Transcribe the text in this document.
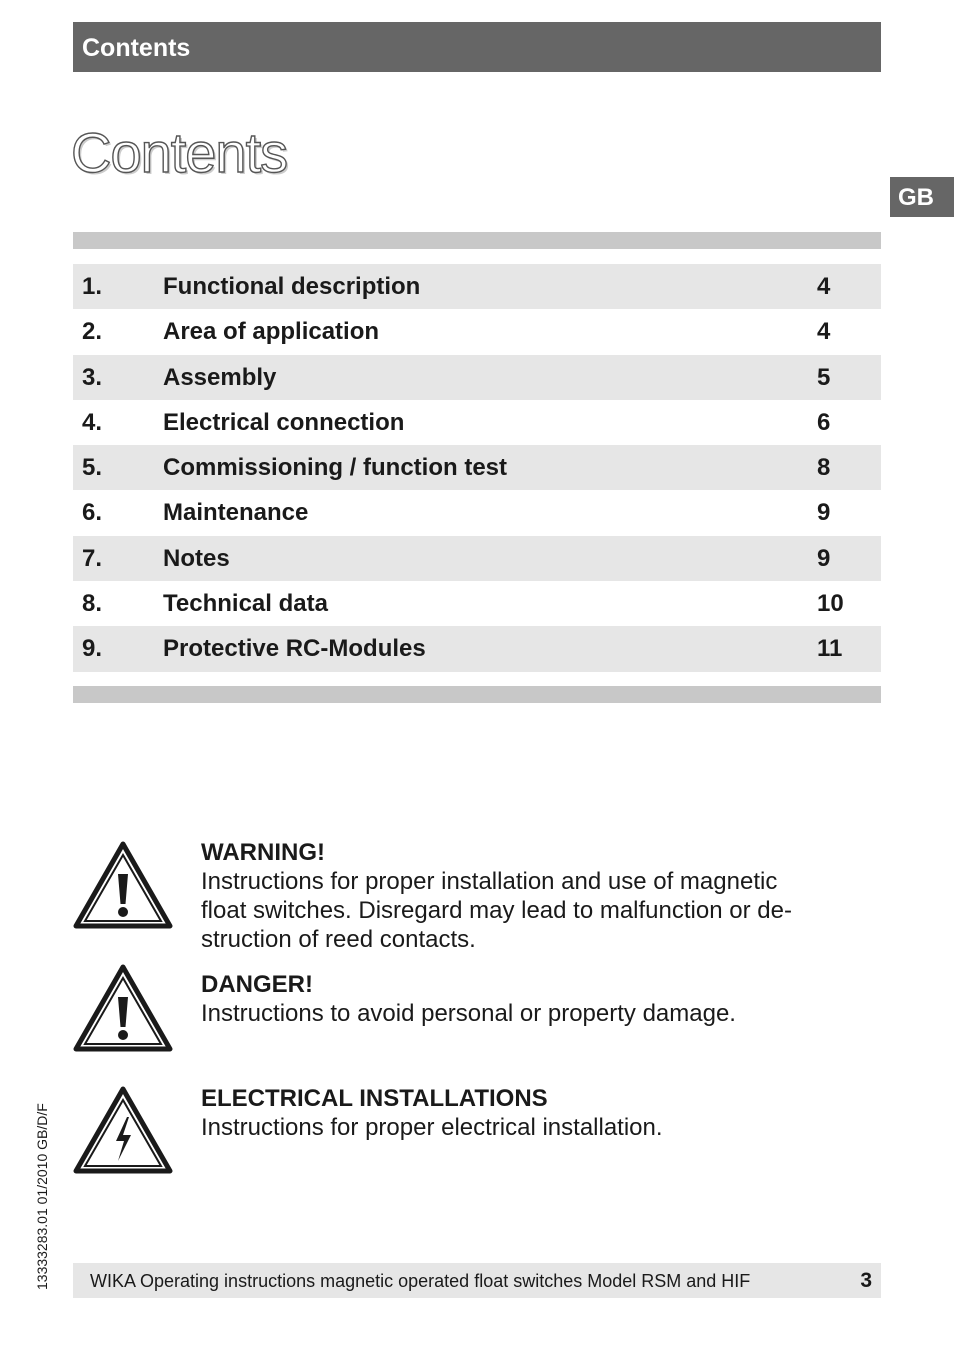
Contents
Contents
GB
1.	Functional description	4
2.	Area of application	4
3.	Assembly	5
4.	Electrical connection	6
5.	Commissioning / function test	8
6.	Maintenance	9
7.	Notes	9
8.	Technical data	10
9.	Protective RC-Modules	11
WARNING!
Instructions for proper installation and use of magnetic
float switches. Disregard may lead to malfunction or de-
struction of reed contacts.
DANGER!
Instructions to avoid personal or property damage.
ELECTRICAL INSTALLATIONS
Instructions for proper electrical installation.
13333283.01 01/2010 GB/D/F WIKA Operating instructions magnetic operated float switches Model RSM and HIF	3
